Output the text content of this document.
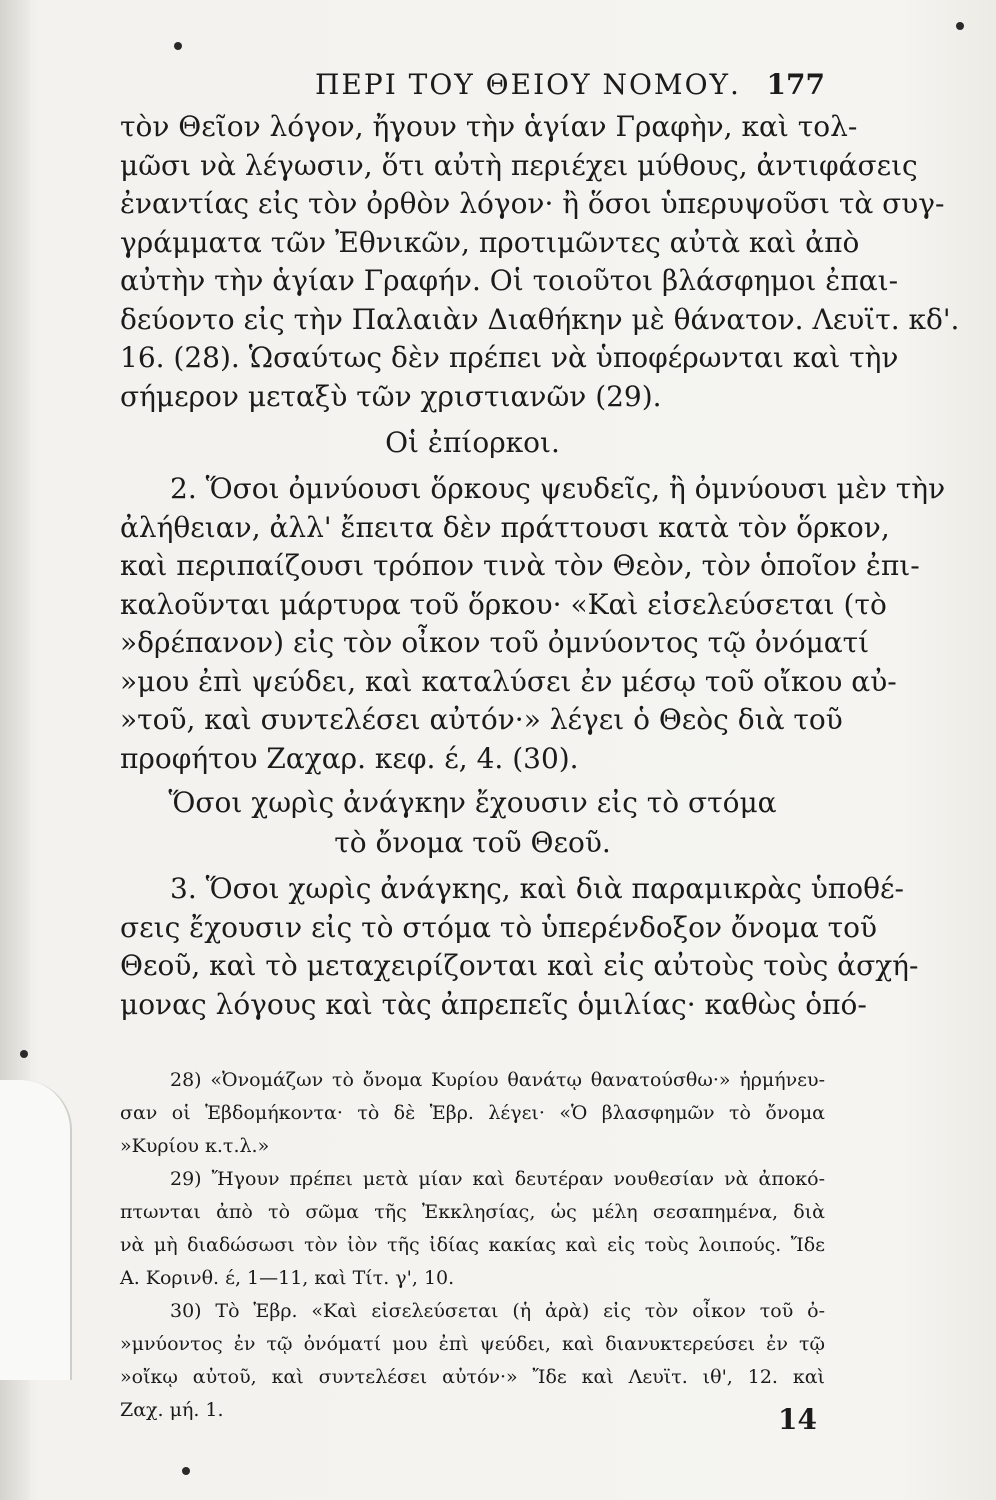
ΠΕΡΙ ΤΟΥ ΘΕΙΟΥ ΝΟΜΟΥ. 177
τὸν Θεῖον λόγον, ἤγουν τὴν ἁγίαν Γραφὴν, καὶ τολ-
μῶσι νὰ λέγωσιν, ὅτι αὐτὴ περιέχει μύθους, ἀντιφάσεις
ἐναντίας εἰς τὸν ὀρθὸν λόγον· ἢ ὅσοι ὑπερυψοῦσι τὰ συγ-
γράμματα τῶν Ἐθνικῶν, προτιμῶντες αὐτὰ καὶ ἀπὸ
αὐτὴν τὴν ἁγίαν Γραφήν. Οἱ τοιοῦτοι βλάσφημοι ἐπαι-
δεύοντο εἰς τὴν Παλαιὰν Διαθήκην μὲ θάνατον. Λευϊτ. κδ'.
16. (28). Ὡσαύτως δὲν πρέπει νὰ ὑποφέρωνται καὶ τὴν
σήμερον μεταξὺ τῶν χριστιανῶν (29).
Οἱ ἐπίορκοι.
2. Ὅσοι ὀμνύουσι ὅρκους ψευδεῖς, ἢ ὀμνύουσι μὲν τὴν
ἀλήθειαν, ἀλλ' ἔπειτα δὲν πράττουσι κατὰ τὸν ὅρκον,
καὶ περιπαίζουσι τρόπον τινὰ τὸν Θεὸν, τὸν ὁποῖον ἐπι-
καλοῦνται μάρτυρα τοῦ ὅρκου· «Καὶ εἰσελεύσεται (τὸ
»δρέπανον) εἰς τὸν οἶκον τοῦ ὀμνύοντος τῷ ὀνόματί
»μου ἐπὶ ψεύδει, καὶ καταλύσει ἐν μέσῳ τοῦ οἴκου αὐ-
»τοῦ, καὶ συντελέσει αὐτόν·» λέγει ὁ Θεὸς διὰ τοῦ
προφήτου Ζαχαρ. κεφ. έ, 4. (30).
Ὅσοι χωρὶς ἀνάγκην ἔχουσιν εἰς τὸ στόμα
τὸ ὄνομα τοῦ Θεοῦ.
3. Ὅσοι χωρὶς ἀνάγκης, καὶ διὰ παραμικρὰς ὑποθέ-
σεις ἔχουσιν εἰς τὸ στόμα τὸ ὑπερένδοξον ὄνομα τοῦ
Θεοῦ, καὶ τὸ μεταχειρίζονται καὶ εἰς αὐτοὺς τοὺς ἀσχή-
μονας λόγους καὶ τὰς ἀπρεπεῖς ὁμιλίας· καθὼς ὁπό-
28) «Ὀνομάζων τὸ ὄνομα Κυρίου θανάτῳ θανατούσθω·» ἡρμήνευ-
σαν οἱ Ἑβδομήκοντα· τὸ δὲ Ἑβρ. λέγει· «Ὁ βλασφημῶν τὸ ὄνομα
»Κυρίου κ.τ.λ.»
29) Ἤγουν πρέπει μετὰ μίαν καὶ δευτέραν νουθεσίαν νὰ ἀποκό-
πτωνται ἀπὸ τὸ σῶμα τῆς Ἐκκλησίας, ὡς μέλη σεσαπημένα, διὰ
νὰ μὴ διαδώσωσι τὸν ἰὸν τῆς ἰδίας κακίας καὶ εἰς τοὺς λοιπούς. Ἴδε
Α. Κορινθ. έ, 1—11, καὶ Τίτ. γ', 10.
30) Τὸ Ἑβρ. «Καὶ εἰσελεύσεται (ἡ ἀρὰ) εἰς τὸν οἶκον τοῦ ὀ-
»μνύοντος ἐν τῷ ὀνόματί μου ἐπὶ ψεύδει, καὶ διανυκτερεύσει ἐν τῷ
»οἴκῳ αὐτοῦ, καὶ συντελέσει αὐτόν·» Ἴδε καὶ Λευϊτ. ιθ', 12. καὶ
Ζαχ. μή. 1.	14
